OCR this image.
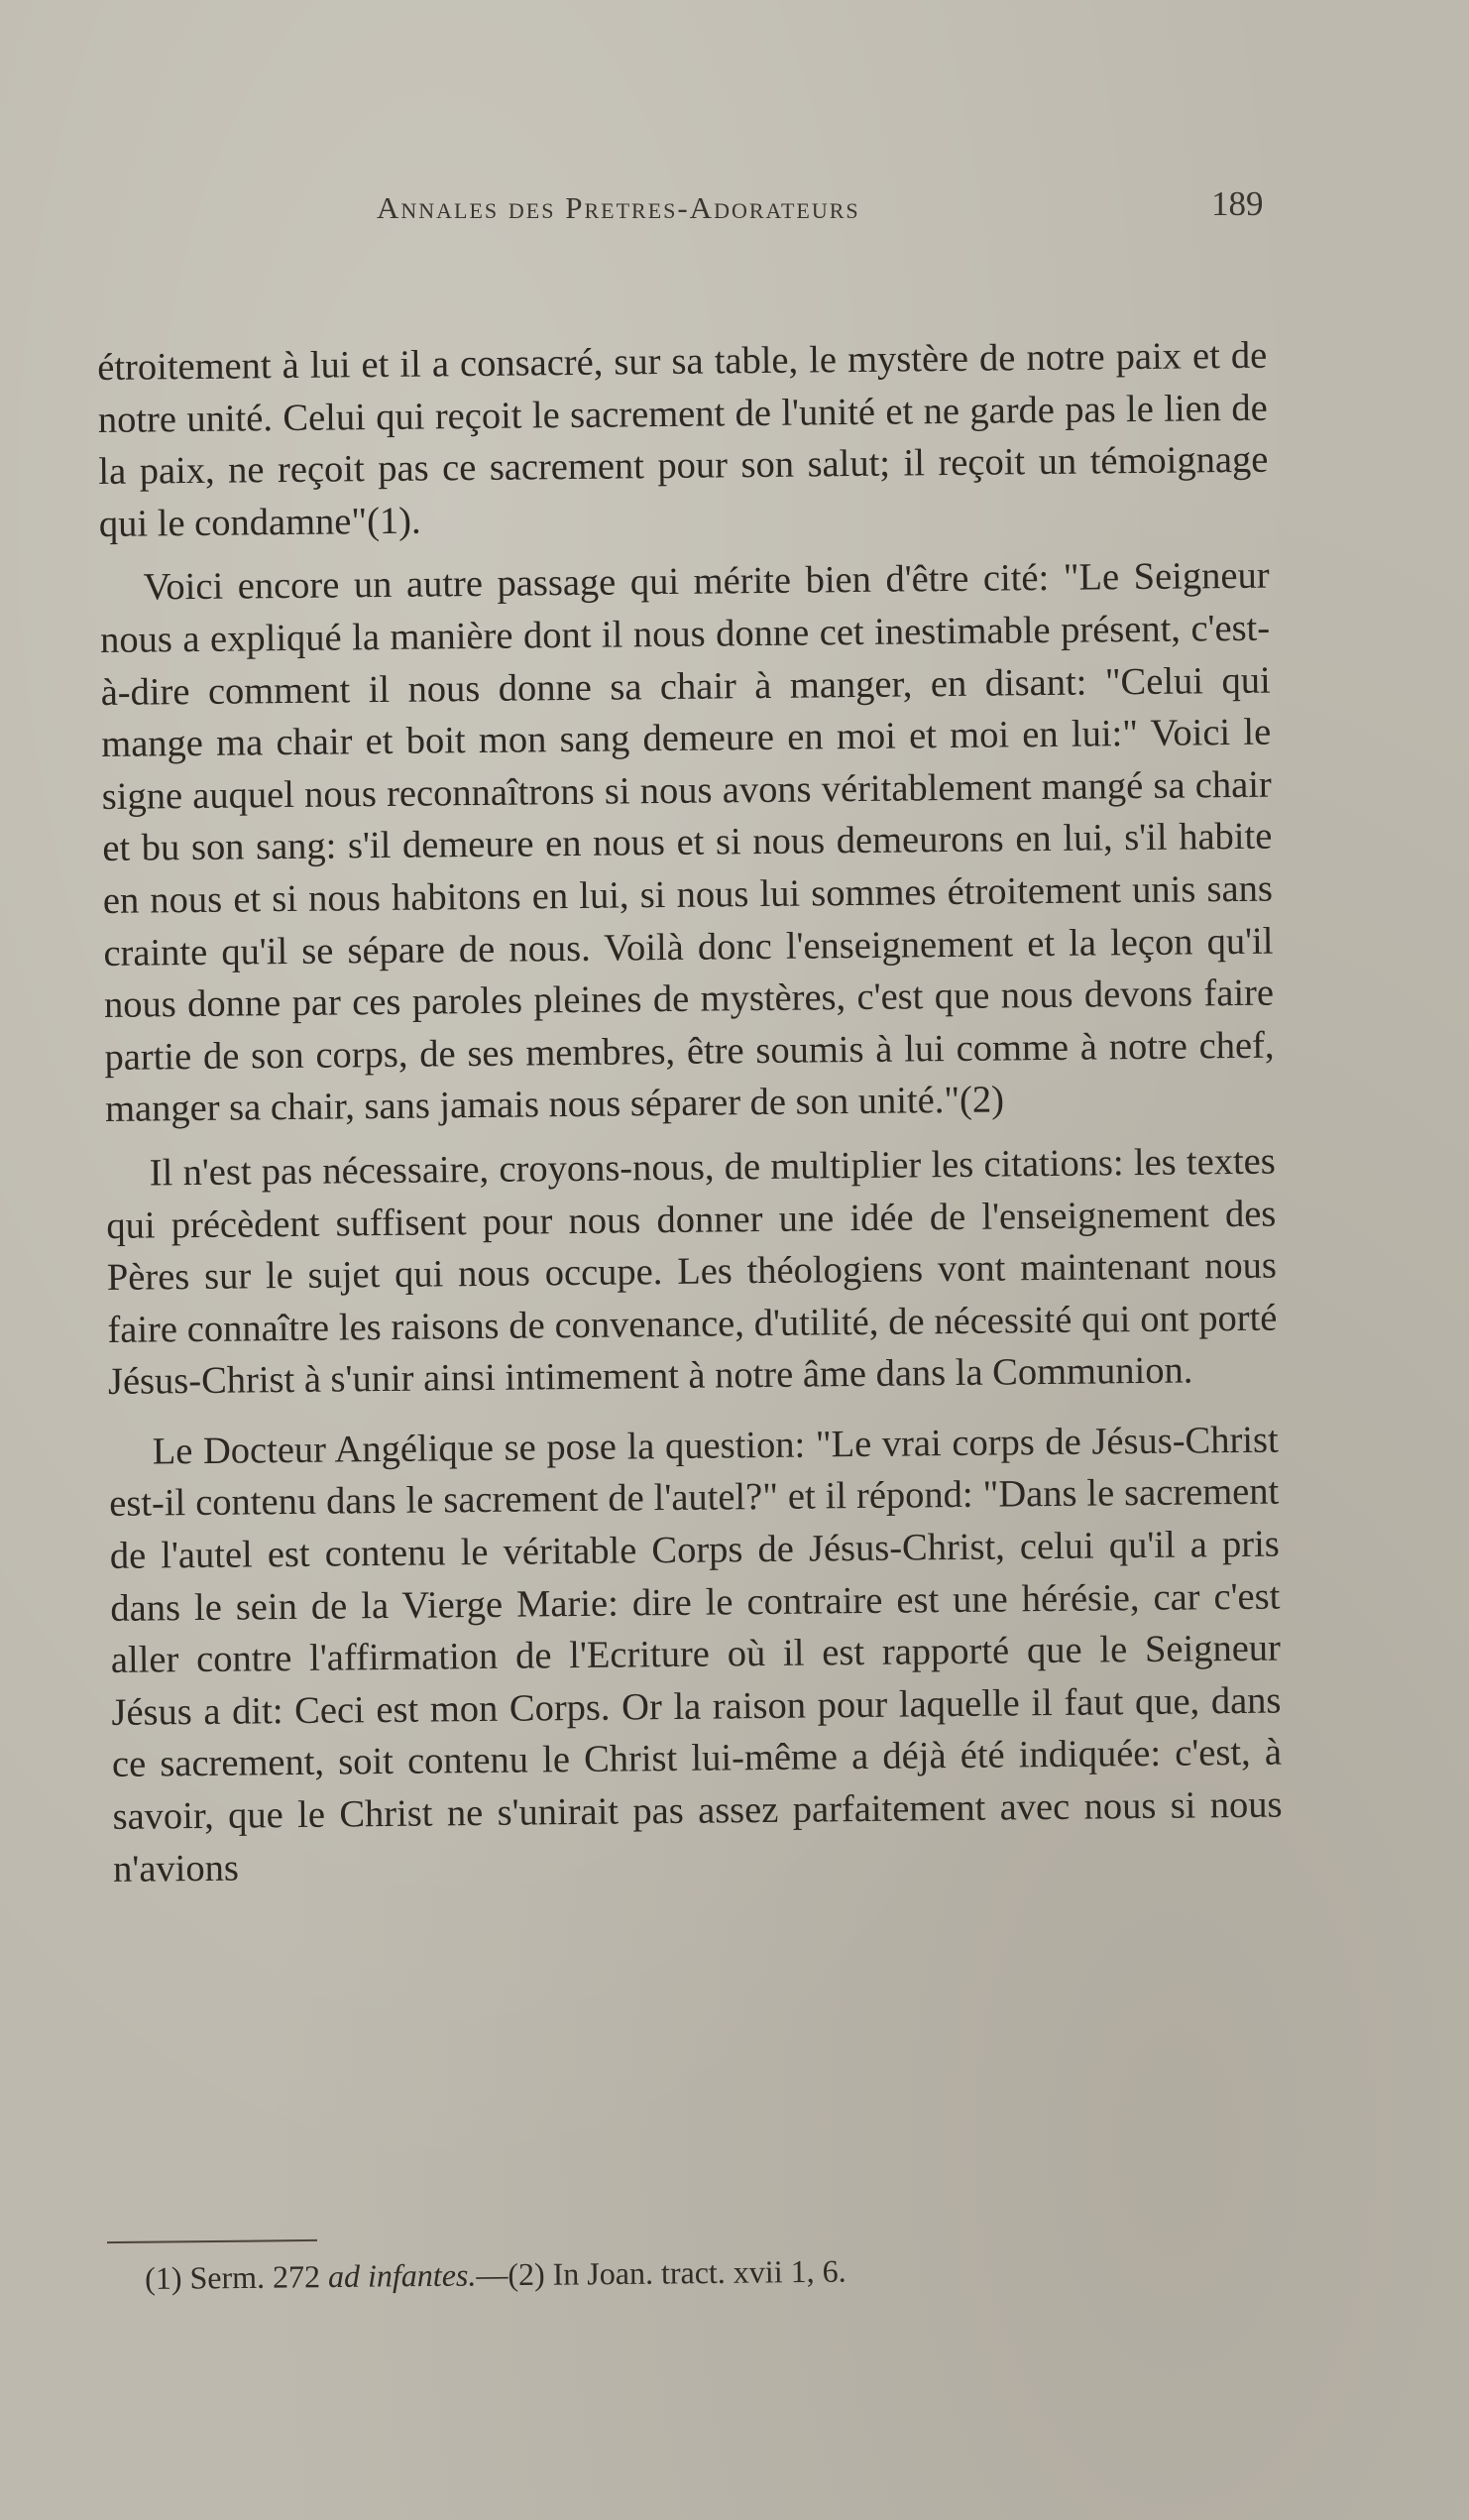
Annales des Pretres-Adorateurs	189

étroitement à lui et il a consacré, sur sa table, le mystère de notre paix et de notre unité. Celui qui reçoit le sacrement de l'unité et ne garde pas le lien de la paix, ne reçoit pas ce sacrement pour son salut; il reçoit un témoignage qui le condamne"(1).

Voici encore un autre passage qui mérite bien d'être cité: "Le Seigneur nous a expliqué la manière dont il nous donne cet inestimable présent, c'est-à-dire comment il nous donne sa chair à manger, en disant: "Celui qui mange ma chair et boit mon sang demeure en moi et moi en lui:" Voici le signe auquel nous reconnaîtrons si nous avons véritablement mangé sa chair et bu son sang: s'il demeure en nous et si nous demeurons en lui, s'il habite en nous et si nous habitons en lui, si nous lui sommes étroitement unis sans crainte qu'il se sépare de nous. Voilà donc l'enseignement et la leçon qu'il nous donne par ces paroles pleines de mystères, c'est que nous devons faire partie de son corps, de ses membres, être soumis à lui comme à notre chef, manger sa chair, sans jamais nous séparer de son unité."(2)

Il n'est pas nécessaire, croyons-nous, de multiplier les citations: les textes qui précèdent suffisent pour nous donner une idée de l'enseignement des Pères sur le sujet qui nous occupe. Les théologiens vont maintenant nous faire connaître les raisons de convenance, d'utilité, de nécessité qui ont porté Jésus-Christ à s'unir ainsi intimement à notre âme dans la Communion.

Le Docteur Angélique se pose la question: "Le vrai corps de Jésus-Christ est-il contenu dans le sacrement de l'autel?" et il répond: "Dans le sacrement de l'autel est contenu le véritable Corps de Jésus-Christ, celui qu'il a pris dans le sein de la Vierge Marie: dire le contraire est une hérésie, car c'est aller contre l'affirmation de l'Ecriture où il est rapporté que le Seigneur Jésus a dit: Ceci est mon Corps. Or la raison pour laquelle il faut que, dans ce sacrement, soit contenu le Christ lui-même a déjà été indiquée: c'est, à savoir, que le Christ ne s'unirait pas assez parfaitement avec nous si nous n'avions

(1) Serm. 272 ad infantes.—(2) In Joan. tract. xvii 1, 6.
